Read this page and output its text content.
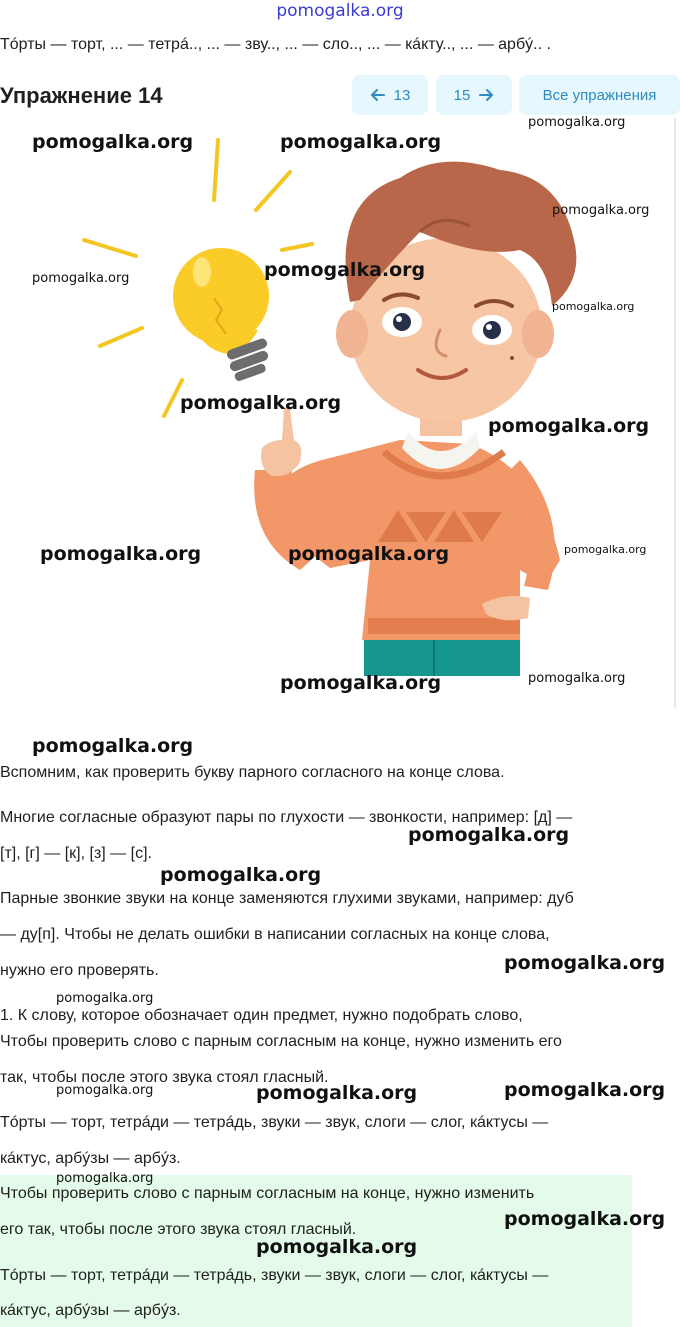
pomogalka.org

Тóрты — торт, ... — тетрá.., ... — зву.., ... — сло.., ... — кáкту.., ... — арбý.. .

Упражнение 14	13	15	Все упражнения
pomogalka.org	pomogalka.org
pomogalka.org
pomogalka.org
pomogalka.org	pomogalka.org
pomogalka.org
pomogalka.org
pomogalka.org
pomogalka.org	pomogalka.org	pomogalka.org
pomogalka.org	pomogalka.org
pomogalka.org

Вспомним, как проверить букву парного согласного на конце слова.

Многие согласные образуют пары по глухости — звонкости, например: [д] —

[т], [г] — [к], [з] — [с].

Парные звонкие звуки на конце заменяются глухими звуками, например: дуб

— ду[п]. Чтобы не делать ошибки в написании согласных на конце слова,

нужно его проверять.

1. К слову, которое обозначает один предмет, нужно подобрать слово,

Чтобы проверить слово с парным согласным на конце, нужно изменить его

так, чтобы после этого звука стоял гласный.

Тóрты — торт, тетрáди — тетрáдь, звуки — звук, слоги — слог, кáктусы —

кáктус, арбýзы — арбýз.

Чтобы проверить слово с парным согласным на конце, нужно изменить

его так, чтобы после этого звука стоял гласный.

Тóрты — торт, тетрáди — тетрáдь, звуки — звук, слоги — слог, кáктусы —

кáктус, арбýзы — арбýз.

pomogalka.org
pomogalka.org
pomogalka.org
pomogalka.org
pomogalka.org	pomogalka.org	pomogalka.org
pomogalka.org
pomogalka.org
pomogalka.org
